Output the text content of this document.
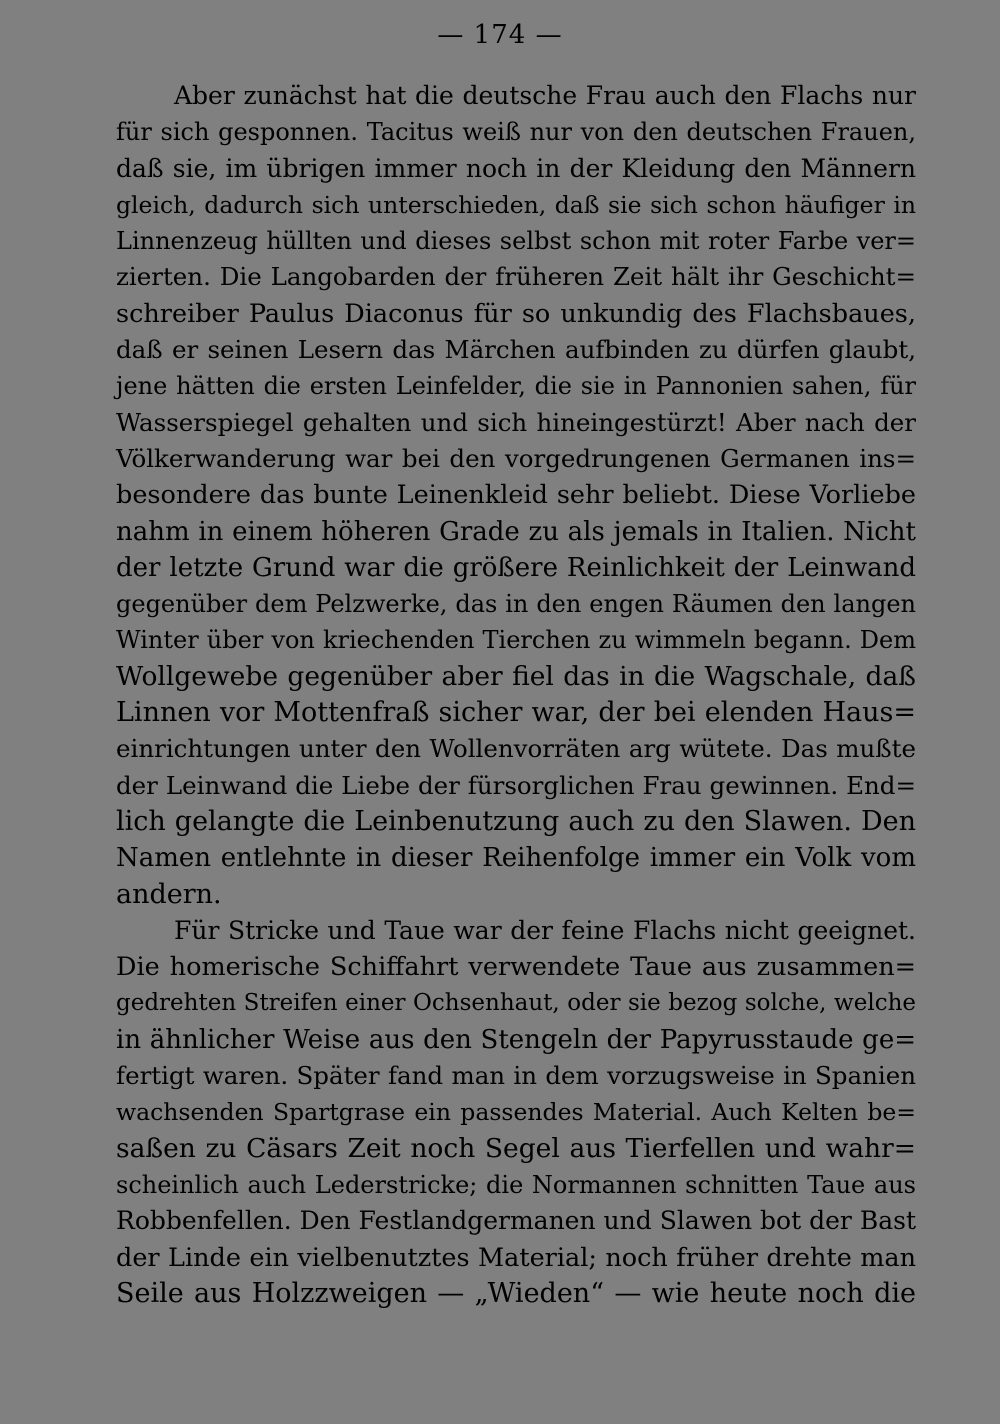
— 174 —
Aber zunächst hat die deutsche Frau auch den Flachs nur
für sich gesponnen. Tacitus weiß nur von den deutschen Frauen,
daß sie, im übrigen immer noch in der Kleidung den Männern
gleich, dadurch sich unterschieden, daß sie sich schon häufiger in
Linnenzeug hüllten und dieses selbst schon mit roter Farbe ver=
zierten. Die Langobarden der früheren Zeit hält ihr Geschicht=
schreiber Paulus Diaconus für so unkundig des Flachsbaues,
daß er seinen Lesern das Märchen aufbinden zu dürfen glaubt,
jene hätten die ersten Leinfelder, die sie in Pannonien sahen, für
Wasserspiegel gehalten und sich hineingestürzt! Aber nach der
Völkerwanderung war bei den vorgedrungenen Germanen ins=
besondere das bunte Leinenkleid sehr beliebt. Diese Vorliebe
nahm in einem höheren Grade zu als jemals in Italien. Nicht
der letzte Grund war die größere Reinlichkeit der Leinwand
gegenüber dem Pelzwerke, das in den engen Räumen den langen
Winter über von kriechenden Tierchen zu wimmeln begann. Dem
Wollgewebe gegenüber aber fiel das in die Wagschale, daß
Linnen vor Mottenfraß sicher war, der bei elenden Haus=
einrichtungen unter den Wollenvorräten arg wütete. Das mußte
der Leinwand die Liebe der fürsorglichen Frau gewinnen. End=
lich gelangte die Leinbenutzung auch zu den Slawen. Den
Namen entlehnte in dieser Reihenfolge immer ein Volk vom
andern.
Für Stricke und Taue war der feine Flachs nicht geeignet.
Die homerische Schiffahrt verwendete Taue aus zusammen=
gedrehten Streifen einer Ochsenhaut, oder sie bezog solche, welche
in ähnlicher Weise aus den Stengeln der Papyrusstaude ge=
fertigt waren. Später fand man in dem vorzugsweise in Spanien
wachsenden Spartgrase ein passendes Material. Auch Kelten be=
saßen zu Cäsars Zeit noch Segel aus Tierfellen und wahr=
scheinlich auch Lederstricke; die Normannen schnitten Taue aus
Robbenfellen. Den Festlandgermanen und Slawen bot der Bast
der Linde ein vielbenutztes Material; noch früher drehte man
Seile aus Holzzweigen — „Wieden“ — wie heute noch die
